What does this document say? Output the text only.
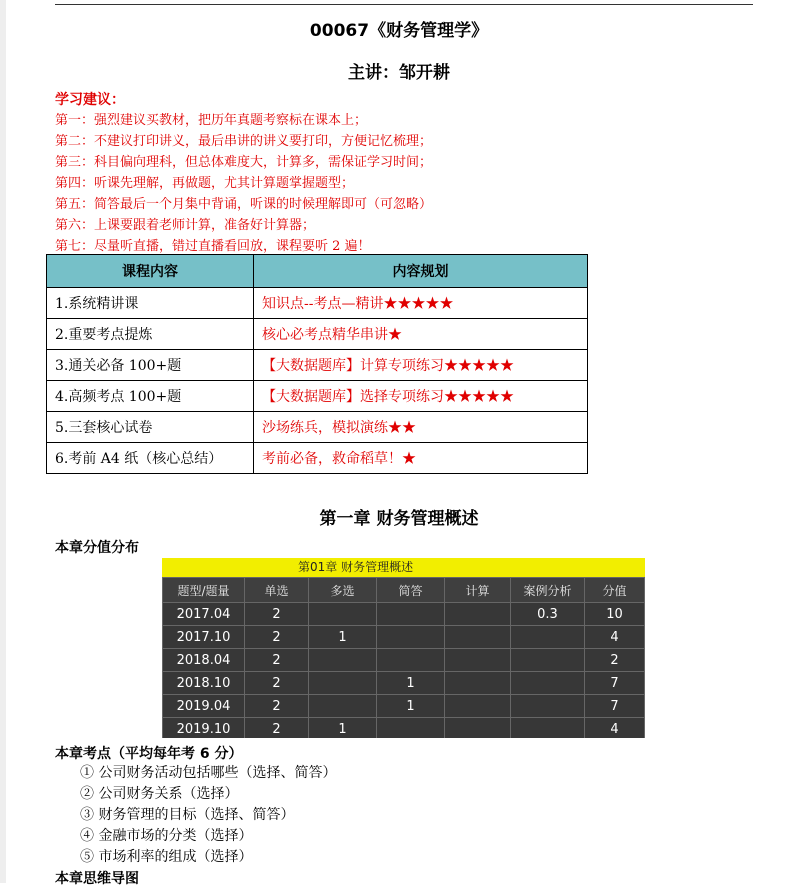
00067《财务管理学》
主讲：邹开耕
学习建议：
第一：强烈建议买教材，把历年真题考察标在课本上；
第二：不建议打印讲义，最后串讲的讲义要打印，方便记忆梳理；
第三：科目偏向理科，但总体难度大，计算多，需保证学习时间；
第四：听课先理解，再做题，尤其计算题掌握题型；
第五：简答最后一个月集中背诵，听课的时候理解即可（可忽略）
第六：上课要跟着老师计算，准备好计算器；
第七：尽量听直播，错过直播看回放，课程要听 2 遍！
课程内容	内容规划
1.系统精讲课	知识点--考点—精讲★★★★★
2.重要考点提炼	核心必考点精华串讲★
3.通关必备 100+题	【大数据题库】计算专项练习★★★★★
4.高频考点 100+题	【大数据题库】选择专项练习★★★★★
5.三套核心试卷	沙场练兵，模拟演练★★
6.考前 A4 纸（核心总结）	考前必备，救命稻草！★
第一章 财务管理概述
本章分值分布
第01章 财务管理概述
题型/题量	单选	多选	简答	计算	案例分析	分值
2017.04	2				0.3	10
2017.10	2	1				4
2018.04	2					2
2018.10	2		1			7
2019.04	2		1			7
2019.10	2	1				4
本章考点（平均每年考 6 分）
① 公司财务活动包括哪些（选择、简答）
② 公司财务关系（选择）
③ 财务管理的目标（选择、简答）
④ 金融市场的分类（选择）
⑤ 市场利率的组成（选择）
本章思维导图
